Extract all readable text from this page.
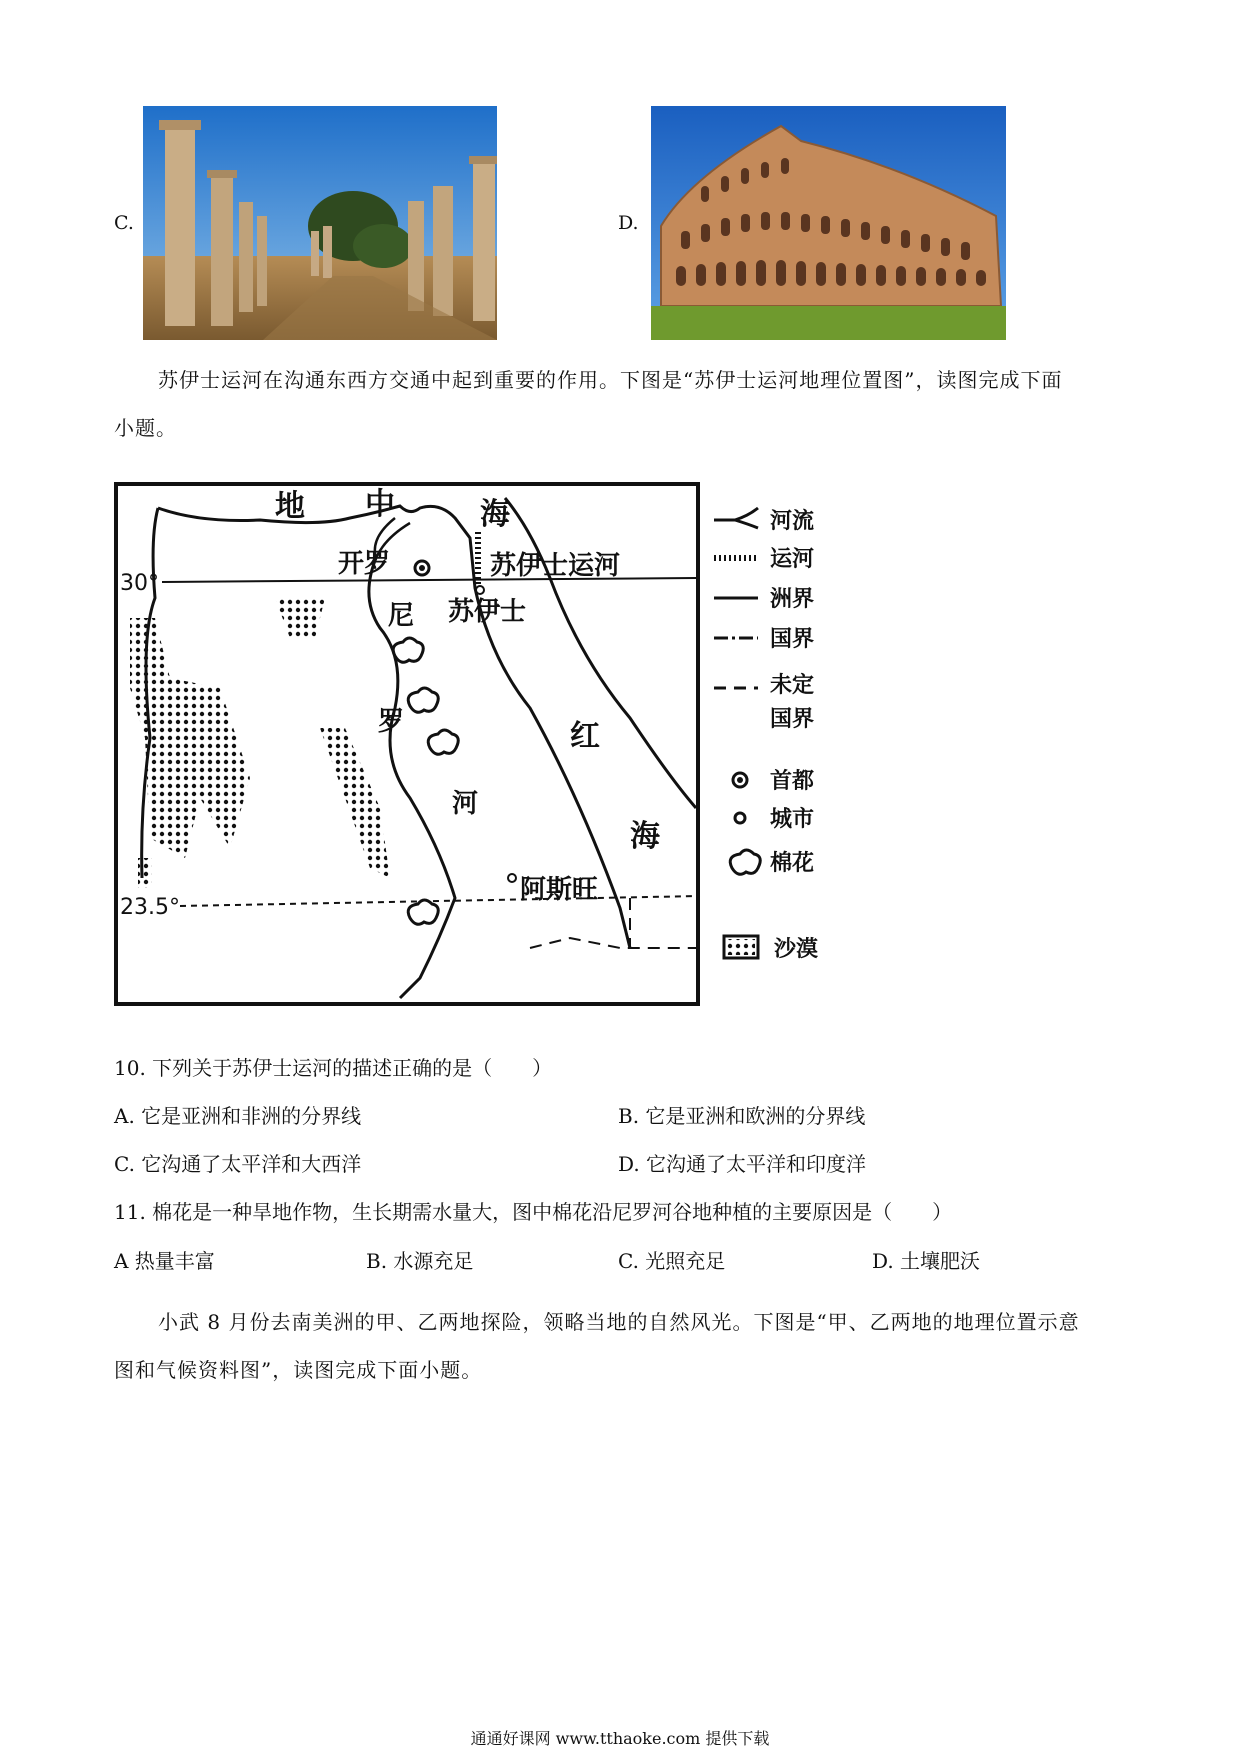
C.	D.
苏伊士运河在沟通东西方交通中起到重要的作用。下图是“苏伊士运河地理位置图”，读图完成下面
小题。
地 中	海
开罗	苏伊士运河
30°
尼 苏伊士
罗
河
红
海
阿斯旺
23.5°
河流
运河
洲界
国界
未定
国界
首都
城市
棉花
沙漠
10. 下列关于苏伊士运河的描述正确的是（　　）
A. 它是亚洲和非洲的分界线	B. 它是亚洲和欧洲的分界线
C. 它沟通了太平洋和大西洋	D. 它沟通了太平洋和印度洋
11. 棉花是一种旱地作物，生长期需水量大，图中棉花沿尼罗河谷地种植的主要原因是（　　）
A 热量丰富	B. 水源充足	C. 光照充足	D. 土壤肥沃
小武 8 月份去南美洲的甲、乙两地探险，领略当地的自然风光。下图是“甲、乙两地的地理位置示意
图和气候资料图”，读图完成下面小题。
通通好课网 www.tthaoke.com 提供下载
